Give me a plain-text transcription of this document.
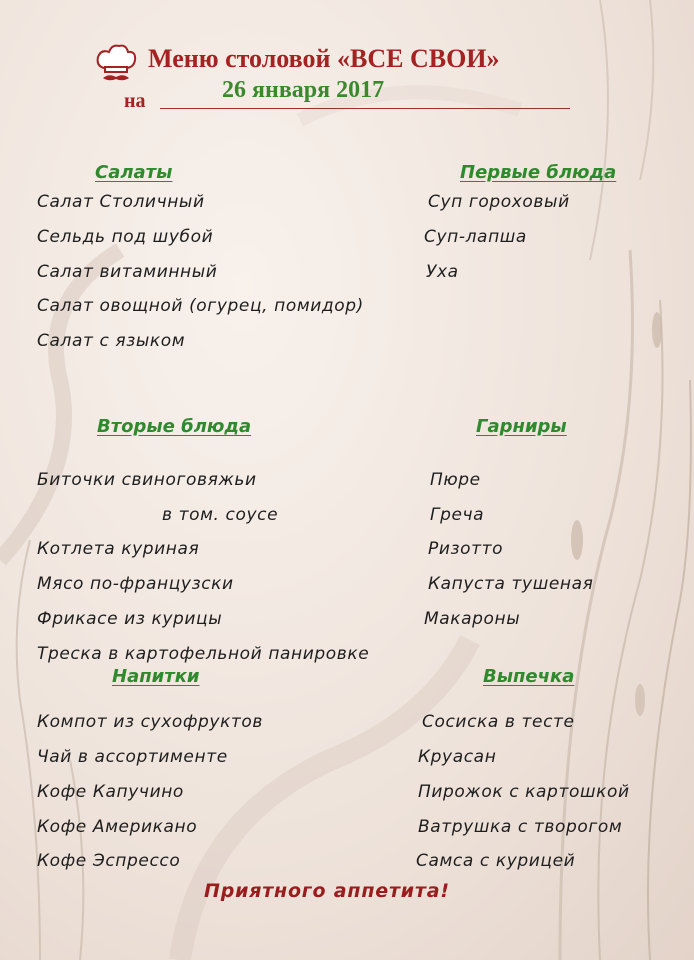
Меню столовой «ВСЕ СВОИ»
на	26 января 2017
Салаты	Первые блюда
Вторые блюда	Гарниры
Напитки	Выпечка
Салат Столичный
Сельдь под шубой
Салат витаминный
Салат овощной (огурец, помидор)
Салат с языком
Суп гороховый
Суп-лапша
Уха
Биточки свиноговяжьи
в том. соусе
Котлета куриная
Мясо по-французски
Фрикасе из курицы
Треска в картофельной панировке
Пюре
Греча
Ризотто
Капуста тушеная
Макароны
Компот из сухофруктов
Чай в ассортименте
Кофе Капучино
Кофе Американо
Кофе Эспрессо
Сосиска в тесте
Круасан
Пирожок с картошкой
Ватрушка с творогом
Самса с курицей
Приятного аппетита!
